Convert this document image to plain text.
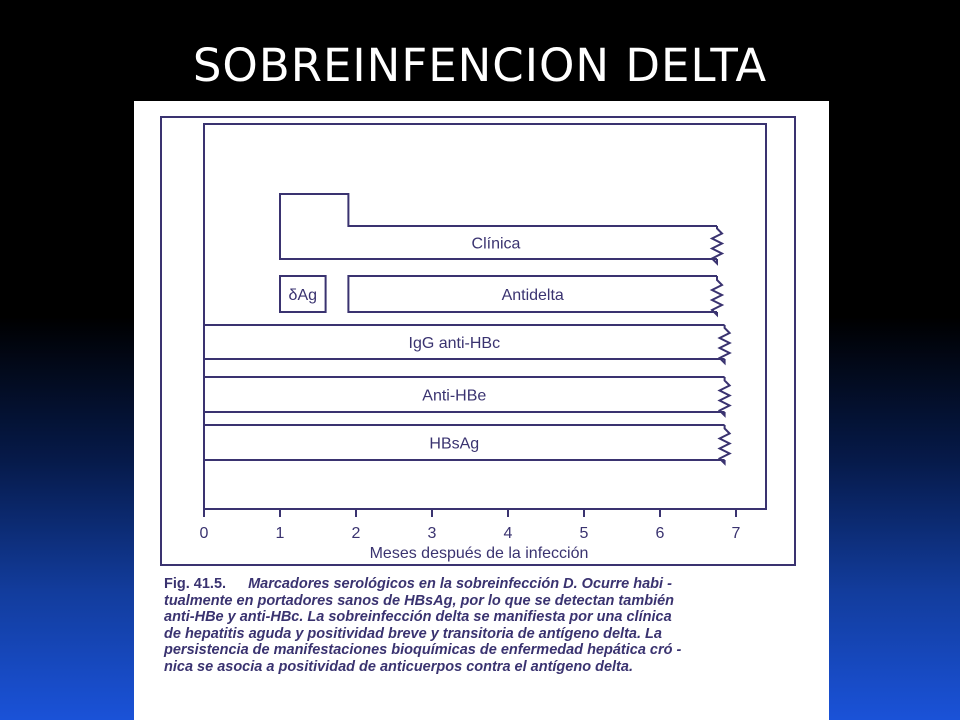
SOBREINFENCION DELTA
Clínica
δAg	Antidelta
IgG anti-HBc
Anti-HBe
HBsAg
0	1	2	3	4	5	6	7
Meses después de la infección

Fig. 41.5. Marcadores serológicos en la sobreinfección D. Ocurre habi -
tualmente en portadores sanos de HBsAg, por lo que se detectan también
anti-HBe y anti-HBc. La sobreinfección delta se manifiesta por una clínica
de hepatitis aguda y positividad breve y transitoria de antígeno delta. La
persistencia de manifestaciones bioquímicas de enfermedad hepática cró -
nica se asocia a positividad de anticuerpos contra el antígeno delta.
